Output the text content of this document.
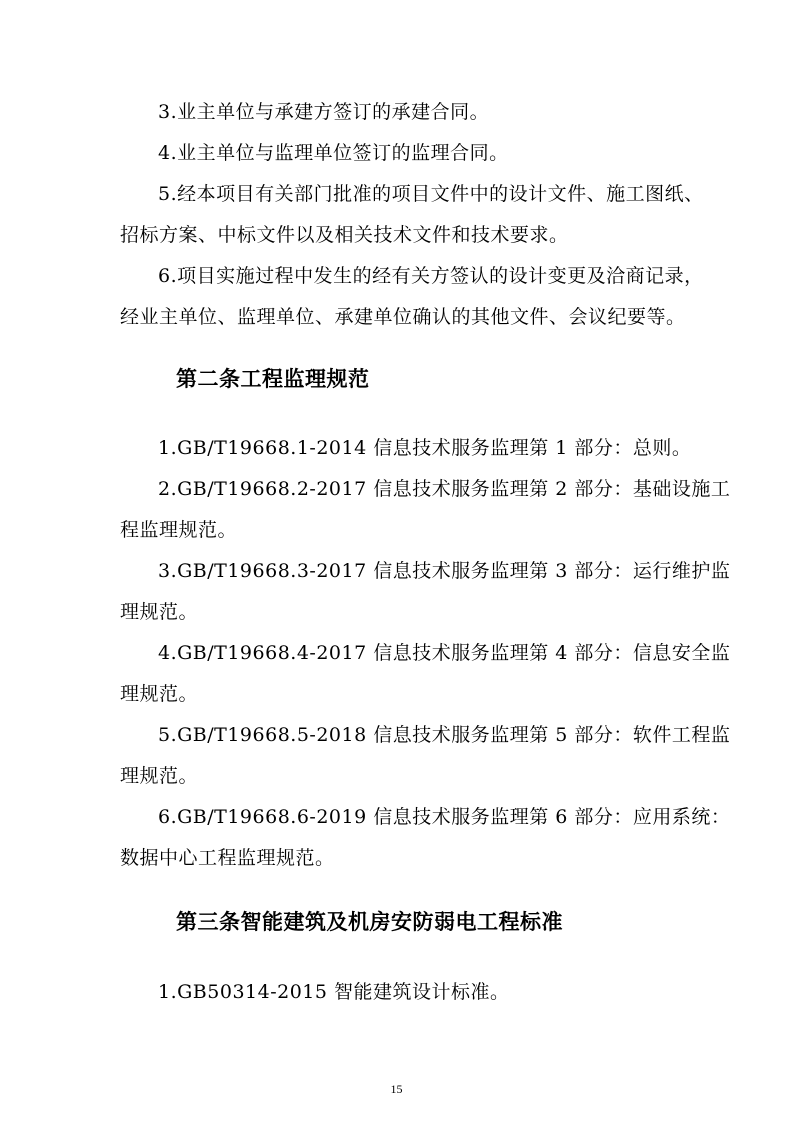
3.业主单位与承建方签订的承建合同。

4.业主单位与监理单位签订的监理合同。

5.经本项目有关部门批准的项目文件中的设计文件、施工图纸、
招标方案、中标文件以及相关技术文件和技术要求。

6.项目实施过程中发生的经有关方签认的设计变更及洽商记录，
经业主单位、监理单位、承建单位确认的其他文件、会议纪要等。

第二条工程监理规范

1.GB/T19668.1-2014 信息技术服务监理第 1 部分：总则。

2.GB/T19668.2-2017 信息技术服务监理第 2 部分：基础设施工
程监理规范。

3.GB/T19668.3-2017 信息技术服务监理第 3 部分：运行维护监
理规范。

4.GB/T19668.4-2017 信息技术服务监理第 4 部分：信息安全监
理规范。

5.GB/T19668.5-2018 信息技术服务监理第 5 部分：软件工程监
理规范。

6.GB/T19668.6-2019 信息技术服务监理第 6 部分：应用系统：
数据中心工程监理规范。

第三条智能建筑及机房安防弱电工程标准

1.GB50314-2015 智能建筑设计标准。

15
